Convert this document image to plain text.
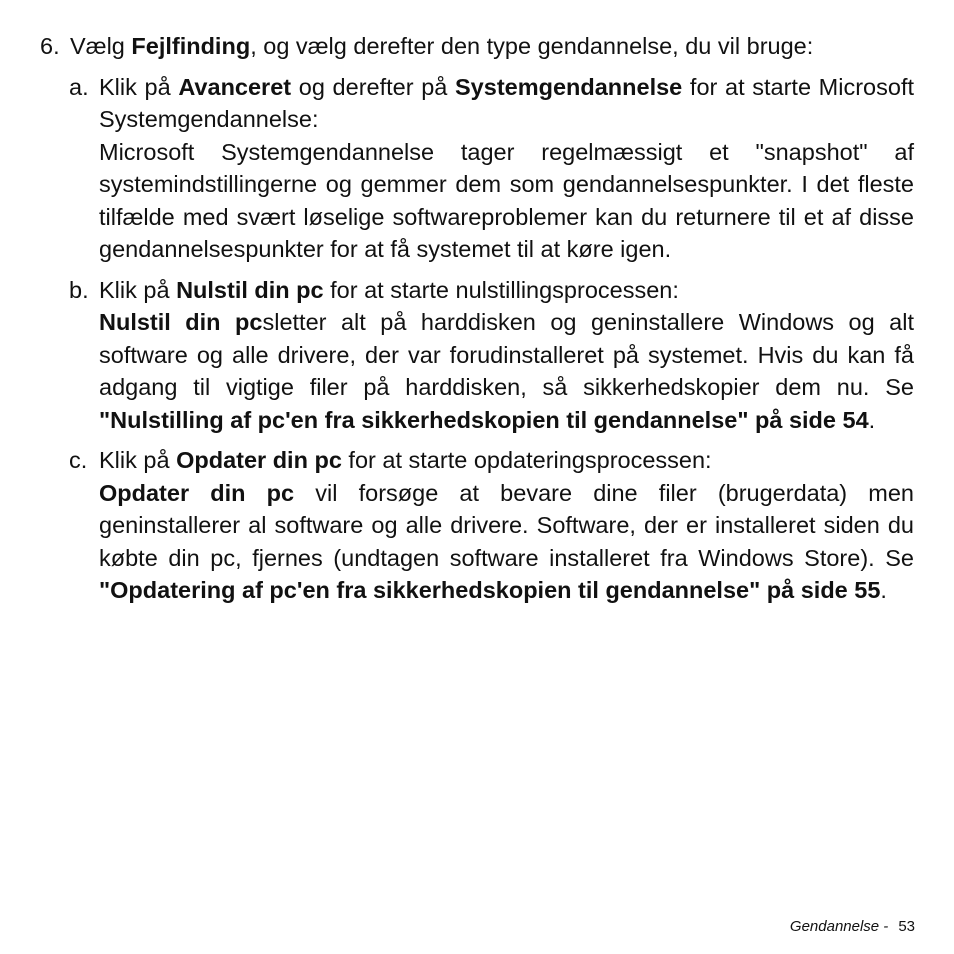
6. Vælg Fejlfinding, og vælg derefter den type gendannelse, du vil bruge:
a. Klik på Avanceret og derefter på Systemgendannelse for at starte Microsoft Systemgendannelse:
Microsoft Systemgendannelse tager regelmæssigt et "snapshot" af systemindstillingerne og gemmer dem som gendannelsespunkter. I det fleste tilfælde med svært løselige softwareproblemer kan du returnere til et af disse gendannelsespunkter for at få systemet til at køre igen.
b. Klik på Nulstil din pc for at starte nulstillingsprocessen:
Nulstil din pcsletter alt på harddisken og geninstallere Windows og alt software og alle drivere, der var forudinstalleret på systemet. Hvis du kan få adgang til vigtige filer på harddisken, så sikkerhedskopier dem nu. Se "Nulstilling af pc'en fra sikkerhedskopien til gendannelse" på side 54.
c. Klik på Opdater din pc for at starte opdateringsprocessen:
Opdater din pc vil forsøge at bevare dine filer (brugerdata) men geninstallerer al software og alle drivere. Software, der er installeret siden du købte din pc, fjernes (undtagen software installeret fra Windows Store). Se "Opdatering af pc'en fra sikkerhedskopien til gendannelse" på side 55.
Gendannelse - 53
